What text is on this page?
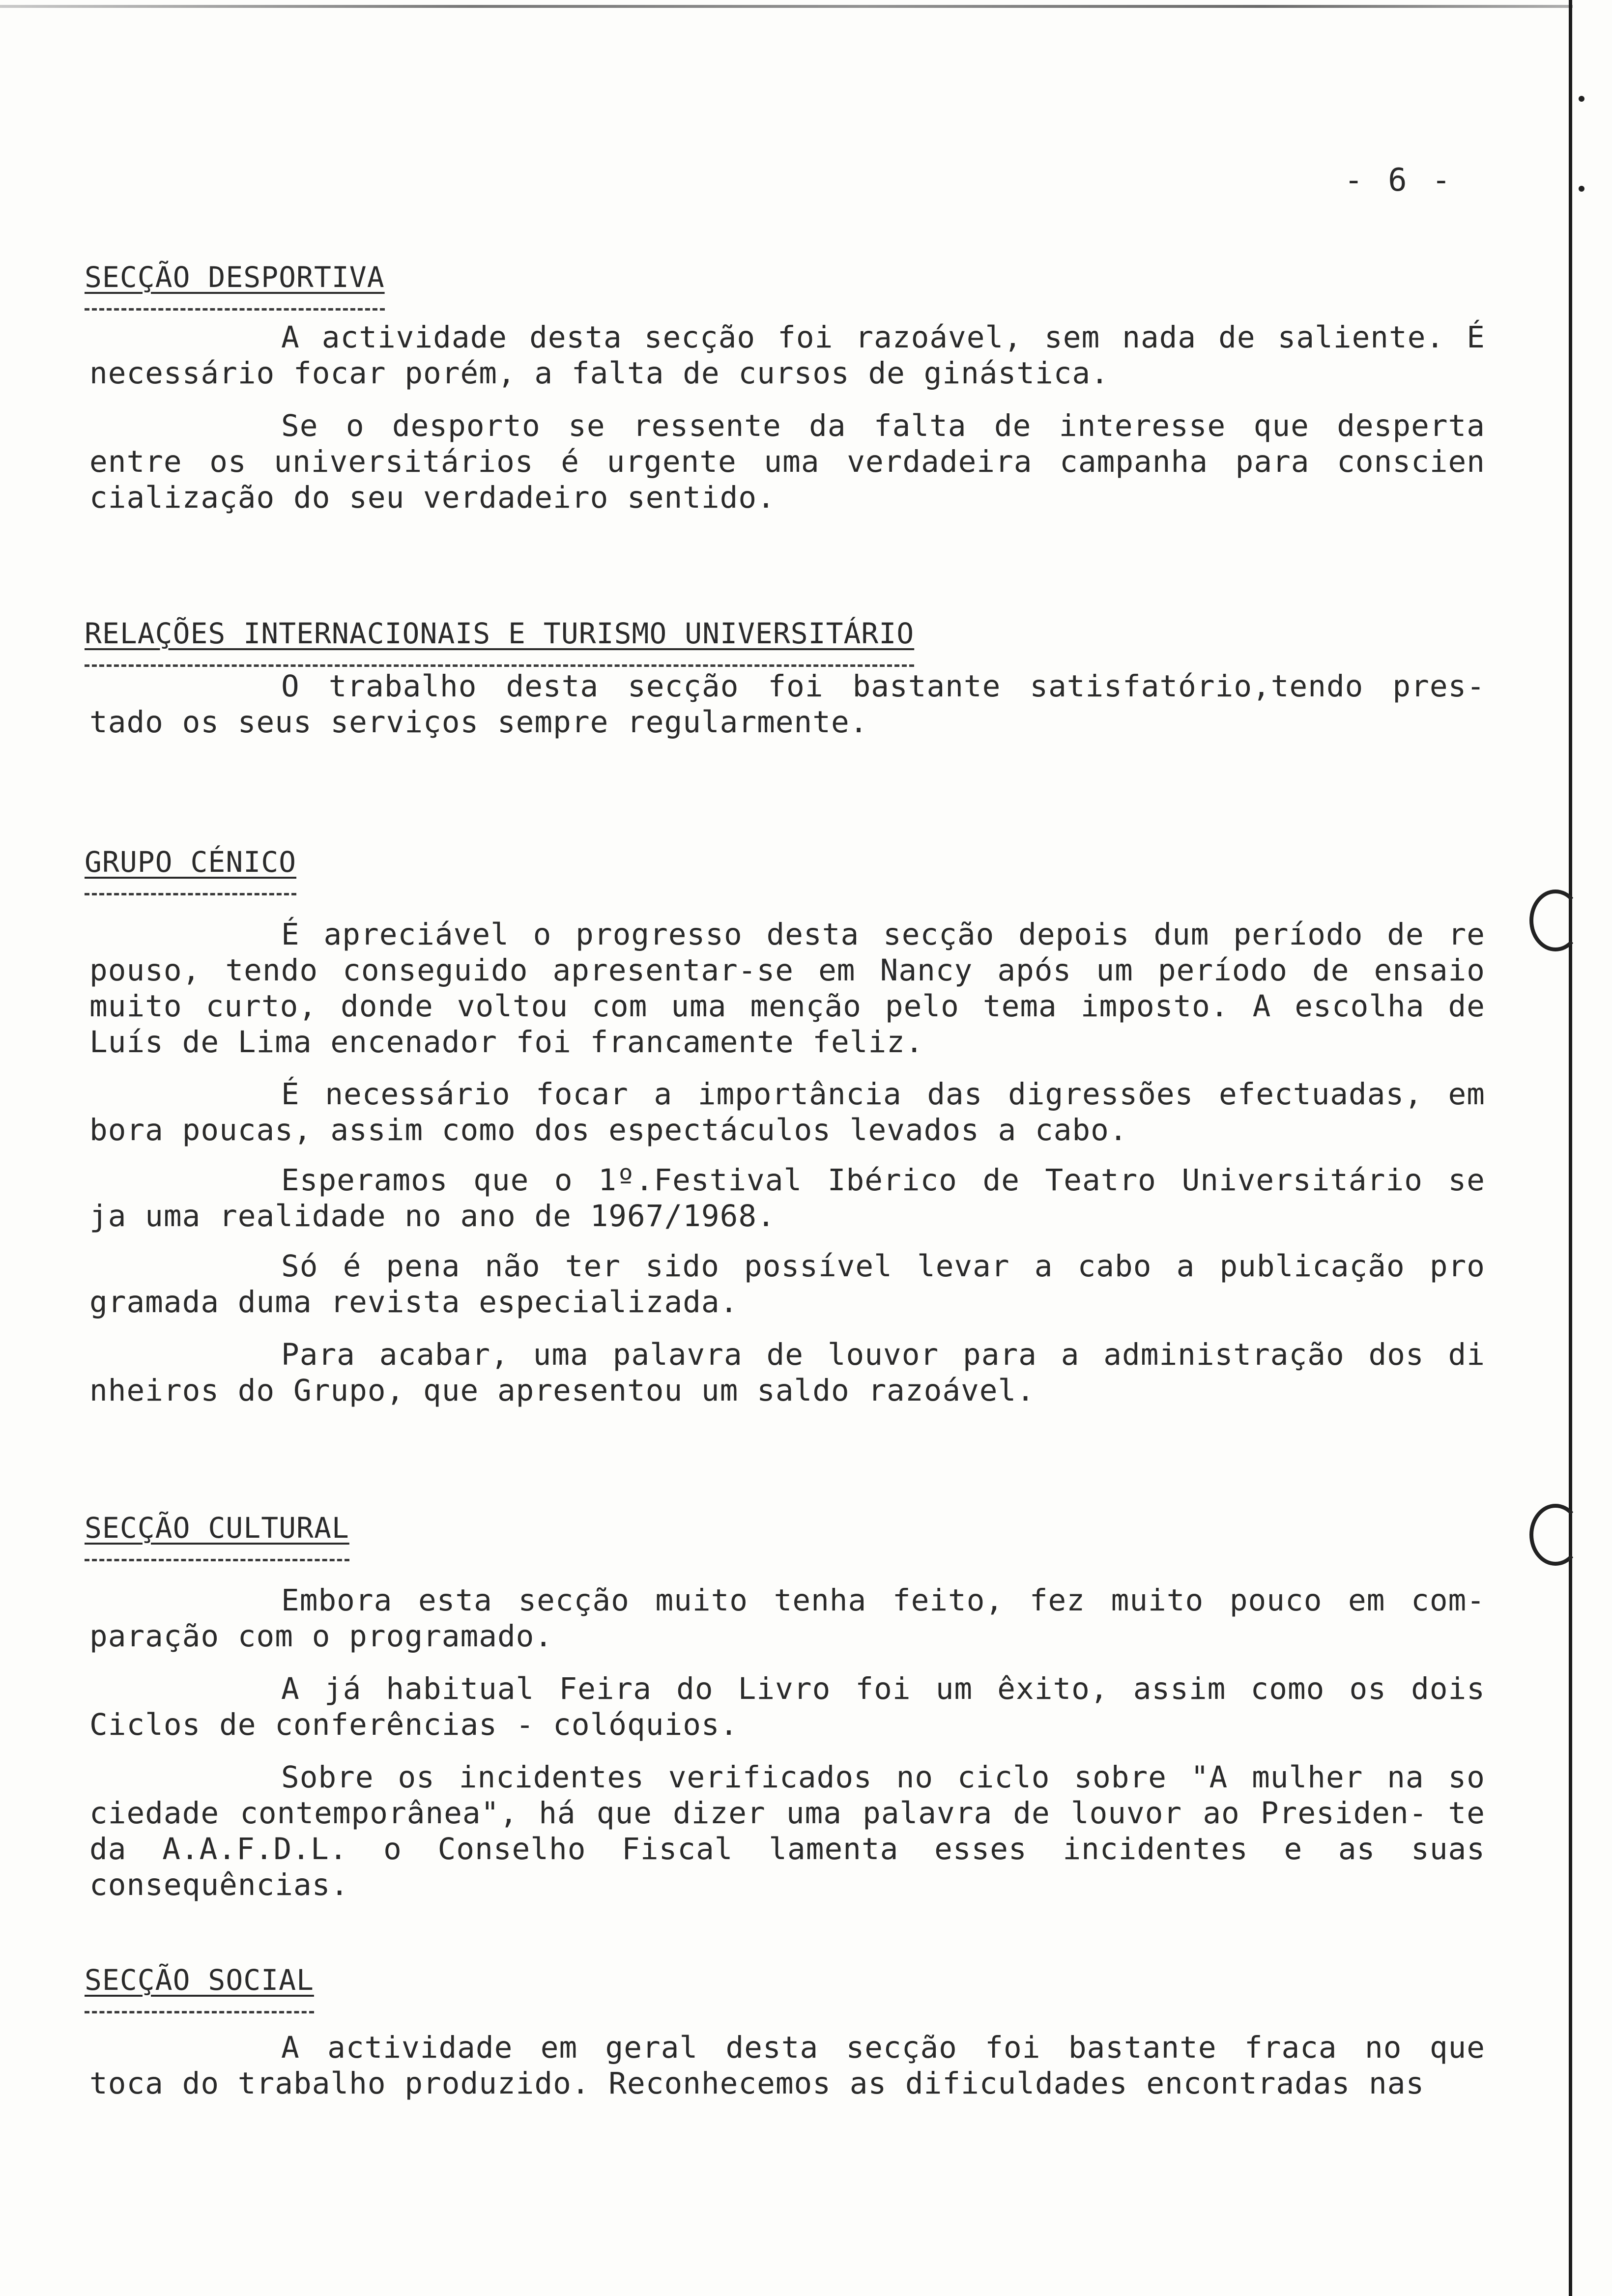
- 6 -
SECÇÃO DESPORTIVA

A actividade desta secção foi razoável, sem nada de saliente. É necessário focar porém, a falta de cursos de ginástica.

Se o desporto se ressente da falta de interesse que desperta entre os universitários é urgente uma verdadeira campanha para conscien cialização do seu verdadeiro sentido.

RELAÇÕES INTERNACIONAIS E TURISMO UNIVERSITÁRIO

O trabalho desta secção foi bastante satisfatório,tendo pres- tado os seus serviços sempre regularmente.

GRUPO CÉNICO

É apreciável o progresso desta secção depois dum período de re pouso, tendo conseguido apresentar-se em Nancy após um período de ensaio muito curto, donde voltou com uma menção pelo tema imposto. A escolha de Luís de Lima encenador foi francamente feliz.

É necessário focar a importância das digressões efectuadas, em bora poucas, assim como dos espectáculos levados a cabo.

Esperamos que o 1º.Festival Ibérico de Teatro Universitário se ja uma realidade no ano de 1967/1968.

Só é pena não ter sido possível levar a cabo a publicação pro gramada duma revista especializada.

Para acabar, uma palavra de louvor para a administração dos di nheiros do Grupo, que apresentou um saldo razoável.

SECÇÃO CULTURAL

Embora esta secção muito tenha feito, fez muito pouco em com- paração com o programado.

A já habitual Feira do Livro foi um êxito, assim como os dois Ciclos de conferências - colóquios.

Sobre os incidentes verificados no ciclo sobre "A mulher na so ciedade contemporânea", há que dizer uma palavra de louvor ao Presiden- te da A.A.F.D.L. o Conselho Fiscal lamenta esses incidentes e as suas consequências.

SECÇÃO SOCIAL

A actividade em geral desta secção foi bastante fraca no que toca do trabalho produzido. Reconhecemos as dificuldades encontradas nas
